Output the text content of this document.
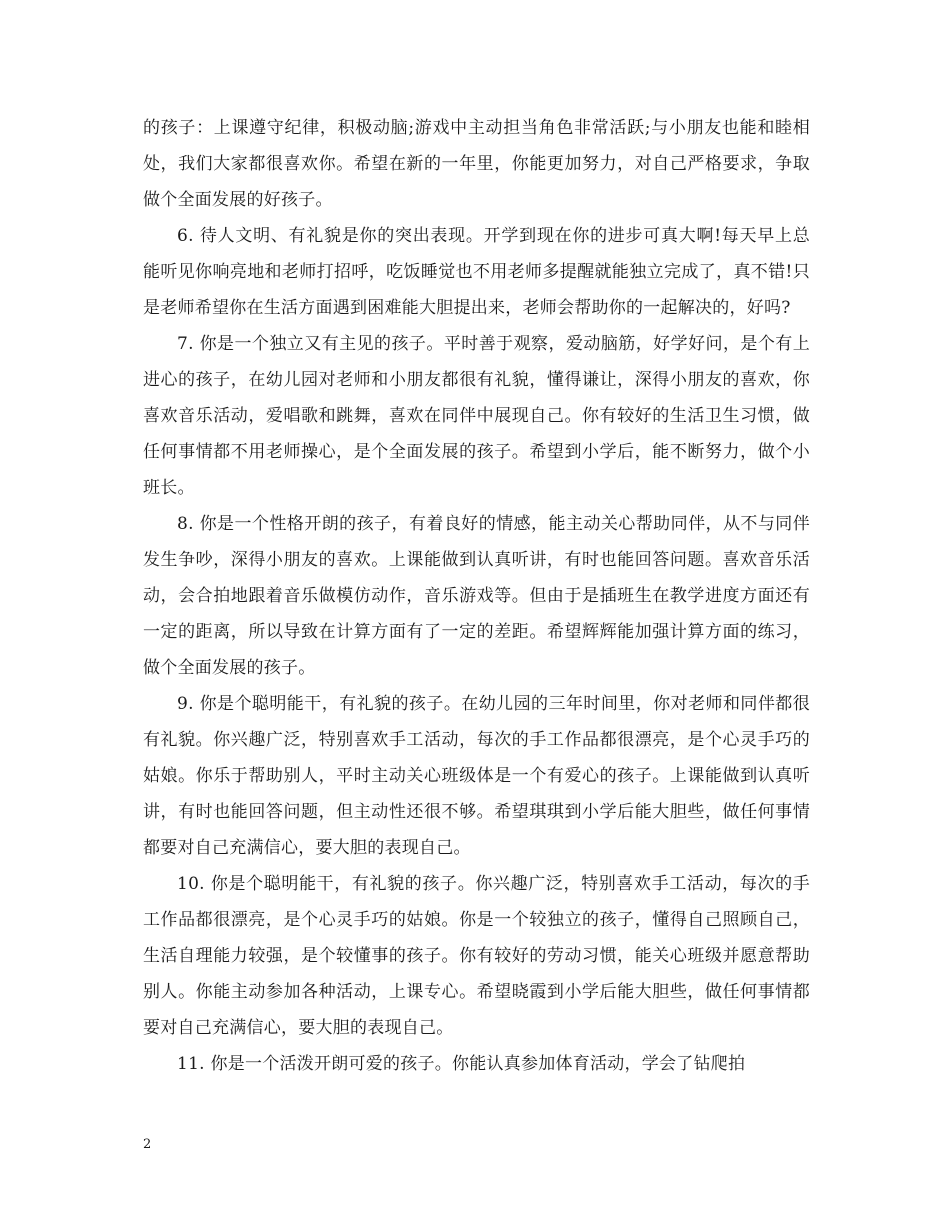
的孩子：上课遵守纪律，积极动脑;游戏中主动担当角色非常活跃;与小朋友也能和睦相处，我们大家都很喜欢你。希望在新的一年里，你能更加努力，对自己严格要求，争取做个全面发展的好孩子。

6. 待人文明、有礼貌是你的突出表现。开学到现在你的进步可真大啊!每天早上总能听见你响亮地和老师打招呼，吃饭睡觉也不用老师多提醒就能独立完成了，真不错!只是老师希望你在生活方面遇到困难能大胆提出来，老师会帮助你的一起解决的，好吗?

7. 你是一个独立又有主见的孩子。平时善于观察，爱动脑筋，好学好问，是个有上进心的孩子，在幼儿园对老师和小朋友都很有礼貌，懂得谦让，深得小朋友的喜欢，你喜欢音乐活动，爱唱歌和跳舞，喜欢在同伴中展现自己。你有较好的生活卫生习惯，做任何事情都不用老师操心，是个全面发展的孩子。希望到小学后，能不断努力，做个小班长。

8. 你是一个性格开朗的孩子，有着良好的情感，能主动关心帮助同伴，从不与同伴发生争吵，深得小朋友的喜欢。上课能做到认真听讲，有时也能回答问题。喜欢音乐活动，会合拍地跟着音乐做模仿动作，音乐游戏等。但由于是插班生在教学进度方面还有一定的距离，所以导致在计算方面有了一定的差距。希望辉辉能加强计算方面的练习，做个全面发展的孩子。

9. 你是个聪明能干，有礼貌的孩子。在幼儿园的三年时间里，你对老师和同伴都很有礼貌。你兴趣广泛，特别喜欢手工活动，每次的手工作品都很漂亮，是个心灵手巧的姑娘。你乐于帮助别人，平时主动关心班级体是一个有爱心的孩子。上课能做到认真听讲，有时也能回答问题，但主动性还很不够。希望琪琪到小学后能大胆些，做任何事情都要对自己充满信心，要大胆的表现自己。

10. 你是个聪明能干，有礼貌的孩子。你兴趣广泛，特别喜欢手工活动，每次的手工作品都很漂亮，是个心灵手巧的姑娘。你是一个较独立的孩子，懂得自己照顾自己，生活自理能力较强，是个较懂事的孩子。你有较好的劳动习惯，能关心班级并愿意帮助别人。你能主动参加各种活动，上课专心。希望晓霞到小学后能大胆些，做任何事情都要对自己充满信心，要大胆的表现自己。

11. 你是一个活泼开朗可爱的孩子。你能认真参加体育活动，学会了钻爬拍

2
